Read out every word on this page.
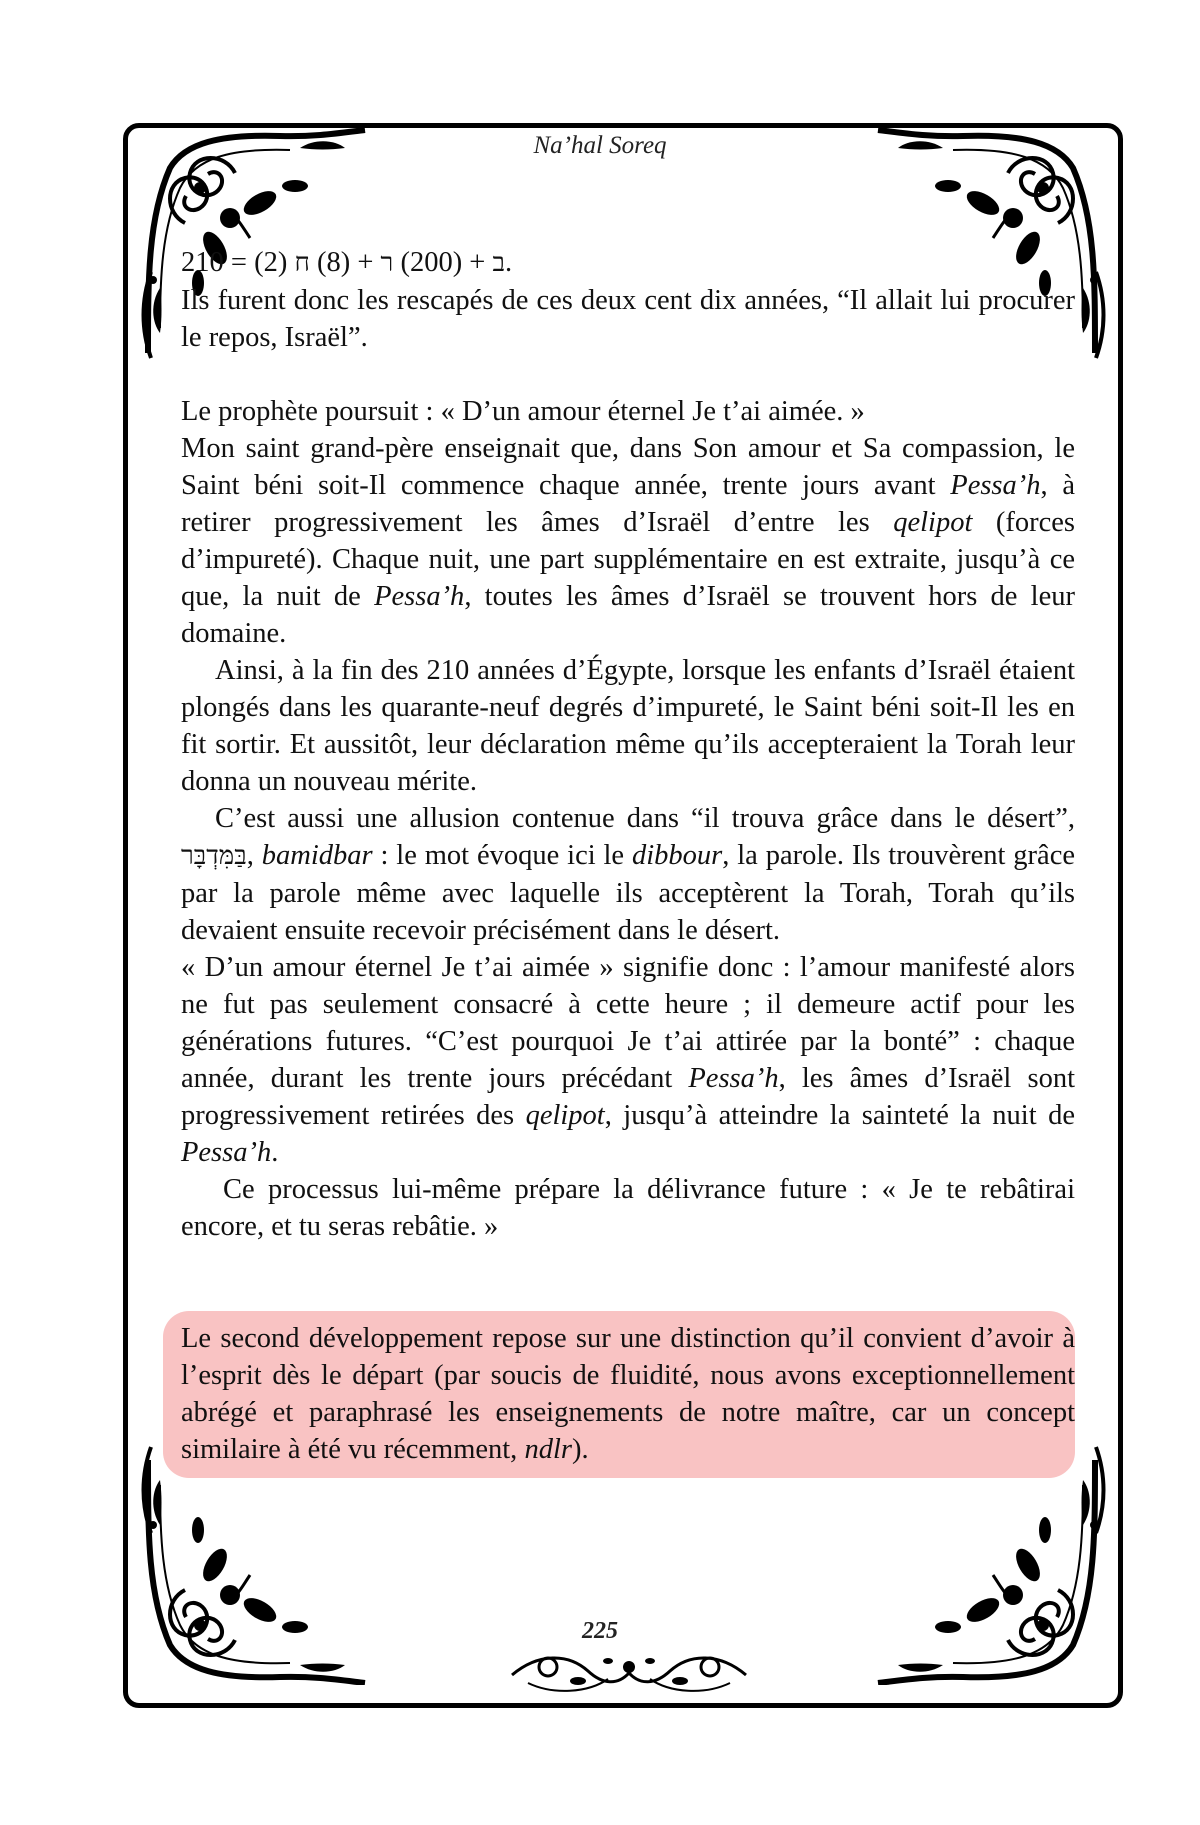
Na’hal Soreq

210 = (2)	ב + (200) ר + (8) ח	.

Ils furent donc les rescapés de ces deux cent dix années, “Il allait lui procurer le repos, Israël”.

Le prophète poursuit : « D’un amour éternel Je t’ai aimée. »

Mon saint grand-père enseignait que, dans Son amour et Sa compassion, le Saint béni soit-Il commence chaque année, trente jours avant Pessa’h, à retirer progressivement les âmes d’Israël d’entre les qelipot (forces d’impureté). Chaque nuit, une part supplémentaire en est extraite, jusqu’à ce que, la nuit de Pessa’h, toutes les âmes d’Israël se trouvent hors de leur domaine.

Ainsi, à la fin des 210 années d’Égypte, lorsque les enfants d’Israël étaient plongés dans les quarante-neuf degrés d’impureté, le Saint béni soit-Il les en fit sortir. Et aussitôt, leur déclaration même qu’ils accepteraient la Torah leur donna un nouveau mérite.

C’est aussi une allusion contenue dans “il trouva grâce dans le désert”, בַּמִּדְבָּר, bamidbar : le mot évoque ici le dibbour, la parole. Ils trouvèrent grâce par la parole même avec laquelle ils acceptèrent la Torah, Torah qu’ils devaient ensuite recevoir précisément dans le désert.

« D’un amour éternel Je t’ai aimée » signifie donc : l’amour manifesté alors ne fut pas seulement consacré à cette heure ; il demeure actif pour les générations futures. “C’est pourquoi Je t’ai attirée par la bonté” : chaque année, durant les trente jours précédant Pessa’h, les âmes d’Israël sont progressivement retirées des qelipot, jusqu’à atteindre la sainteté la nuit de Pessa’h.

Ce processus lui-même prépare la délivrance future : « Je te rebâtirai encore, et tu seras rebâtie. »

Le second développement repose sur une distinction qu’il convient d’avoir à l’esprit dès le départ (par soucis de fluidité, nous avons exceptionnellement abrégé et paraphrasé les enseignements de notre maître, car un concept similaire à été vu récemment, ndlr).

225
